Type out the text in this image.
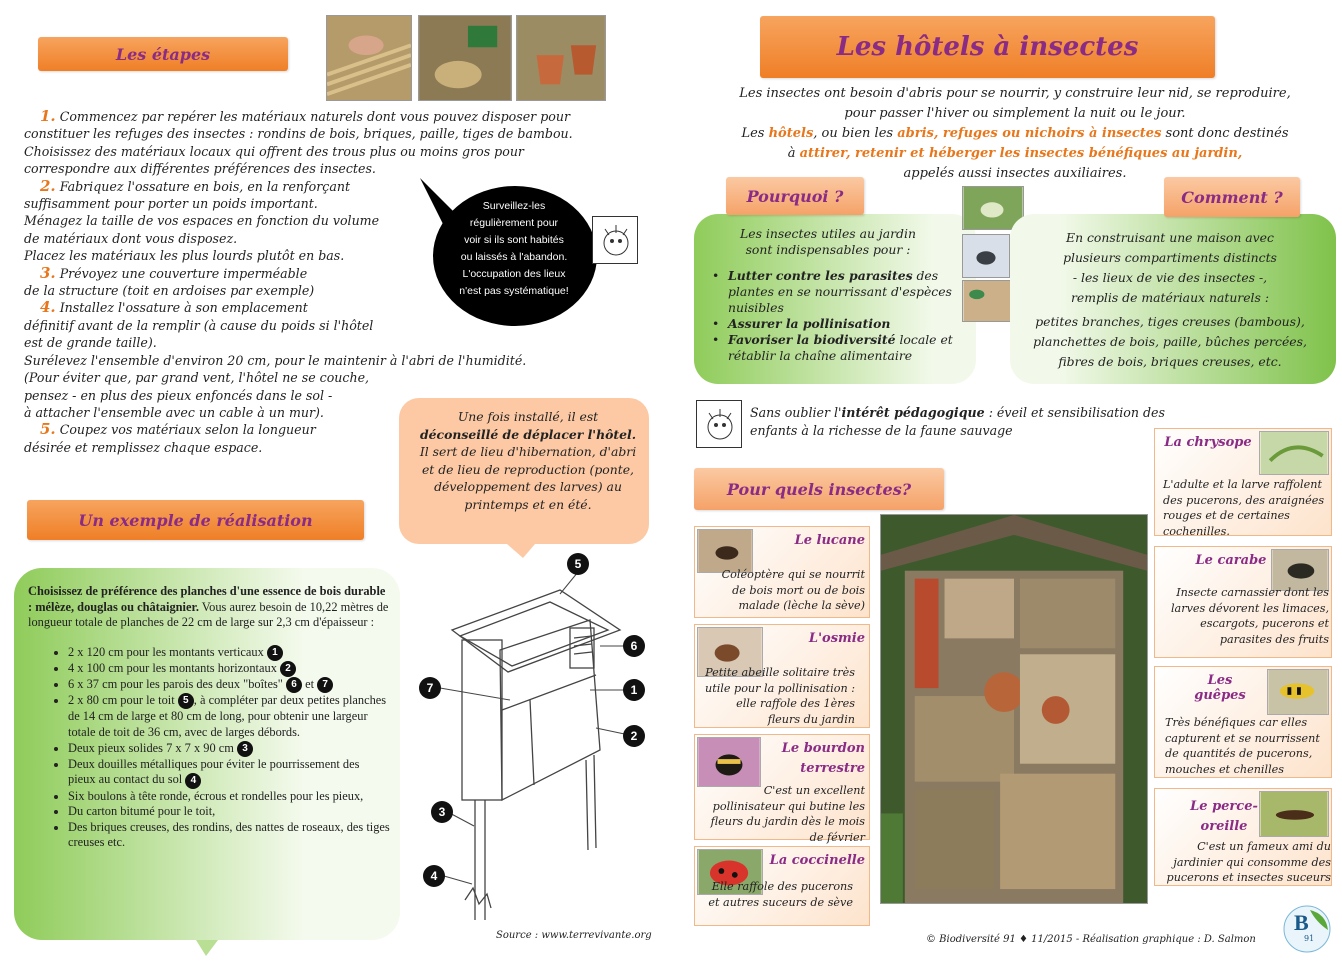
Les étapes

1. Commencez par repérer les matériaux naturels dont vous pouvez disposer pour

constituer les refuges des insectes : rondins de bois, briques, paille, tiges de bambou.
Choisissez des matériaux locaux qui offrent des trous plus ou moins gros pour
correspondre aux différentes préférences des insectes.

2. Fabriquez l'ossature en bois, en la renforçant

suffisamment pour porter un poids important.
Ménagez la taille de vos espaces en fonction du volume
de matériaux dont vous disposez.
Placez les matériaux les plus lourds plutôt en bas.

3. Prévoyez une couverture imperméable

de la structure (toit en ardoises par exemple)

4. Installez l'ossature à son emplacement

définitif avant de la remplir (à cause du poids si l'hôtel
est de grande taille).
Surélevez l'ensemble d'environ 20 cm, pour le maintenir à l'abri de l'humidité.
(Pour éviter que, par grand vent, l'hôtel ne se couche,
pensez - en plus des pieux enfoncés dans le sol -
à attacher l'ensemble avec un cable à un mur).

5. Coupez vos matériaux selon la longueur

désirée et remplissez chaque espace.
Surveillez-les
régulièrement pour
voir si ils sont habités
ou laissés à l'abandon.
L'occupation des lieux
n'est pas systématique!
Une fois installé, il est
déconseillé de déplacer l'hôtel.
Il sert de lieu d'hibernation, d'abri et de lieu de reproduction (ponte, développement des larves) au printemps et en été.
Un exemple de réalisation
Choisissez de préférence des planches d'une essence de bois durable : mélèze, douglas ou châtaignier. Vous aurez besoin de 10,22 mètres de longueur totale de planches de 22 cm de large sur 2,3 cm d'épaisseur :
• 2 x 120 cm pour les montants verticaux 1
• 4 x 100 cm pour les montants horizontaux 2
• 6 x 37 cm pour les parois des deux "boîtes" 6 et 7
• 2 x 80 cm pour le toit 5 , à compléter par deux petites planches de 14 cm de large et 80 cm de long, pour obtenir une largeur totale de toit de 36 cm, avec de larges débords.
• Deux pieux solides 7 x 7 x 90 cm 3
• Deux douilles métalliques pour éviter le pourrissement des pieux au contact du sol 4
• Six boulons à tête ronde, écrous et rondelles pour les pieux,
• Du carton bitumé pour le toit,
• Des briques creuses, des rondins, des nattes de roseaux, des tiges creuses etc.
5
6
1
7
2
3
4
Source : www.terrevivante.org
Les hôtels à insectes
Les insectes ont besoin d'abris pour se nourrir, y construire leur nid, se reproduire,
pour passer l'hiver ou simplement la nuit ou le jour.
Les hôtels, ou bien les abris, refuges ou nichoirs à insectes sont donc destinés
à attirer, retenir et héberger les insectes bénéfiques au jardin,
appelés aussi insectes auxiliaires.
Pourquoi ?
Les insectes utiles au jardin sont indispensables pour :
• Lutter contre les parasites des plantes en se nourrissant d'espèces nuisibles
• Assurer la pollinisation
• Favoriser la biodiversité locale et rétablir la chaîne alimentaire
Comment ?
En construisant une maison avec
plusieurs compartiments distincts
- les lieux de vie des insectes -,
remplis de matériaux naturels :
petites branches, tiges creuses (bambous),
planchettes de bois, paille, bûches percées,
fibres de bois, briques creuses, etc.
Sans oublier l'intérêt pédagogique : éveil et sensibilisation des enfants à la richesse de la faune sauvage
Pour quels insectes?
Le lucane
Coléoptère qui se nourrit de bois mort ou de bois malade (lèche la sève)
L'osmie
Petite abeille solitaire très utile pour la pollinisation : elle raffole des 1ères fleurs du jardin
Le bourdon terrestre
C'est un excellent pollinisateur qui butine les fleurs du jardin dès le mois de février
La coccinelle
Elle raffole des pucerons et autres suceurs de sève
La chrysope
L'adulte et la larve raffolent des pucerons, des araignées rouges et de certaines cochenilles.
Le carabe
Insecte carnassier dont les larves dévorent les limaces, escargots, pucerons et parasites des fruits
Les guêpes
Très bénéfiques car elles capturent et se nourrissent de quantités de pucerons, mouches et chenilles
Le perce-oreille
C'est un fameux ami du jardinier qui consomme des pucerons et insectes suceurs
© Biodiversité 91 ♦ 11/2015 - Réalisation graphique : D. Salmon
B
91
